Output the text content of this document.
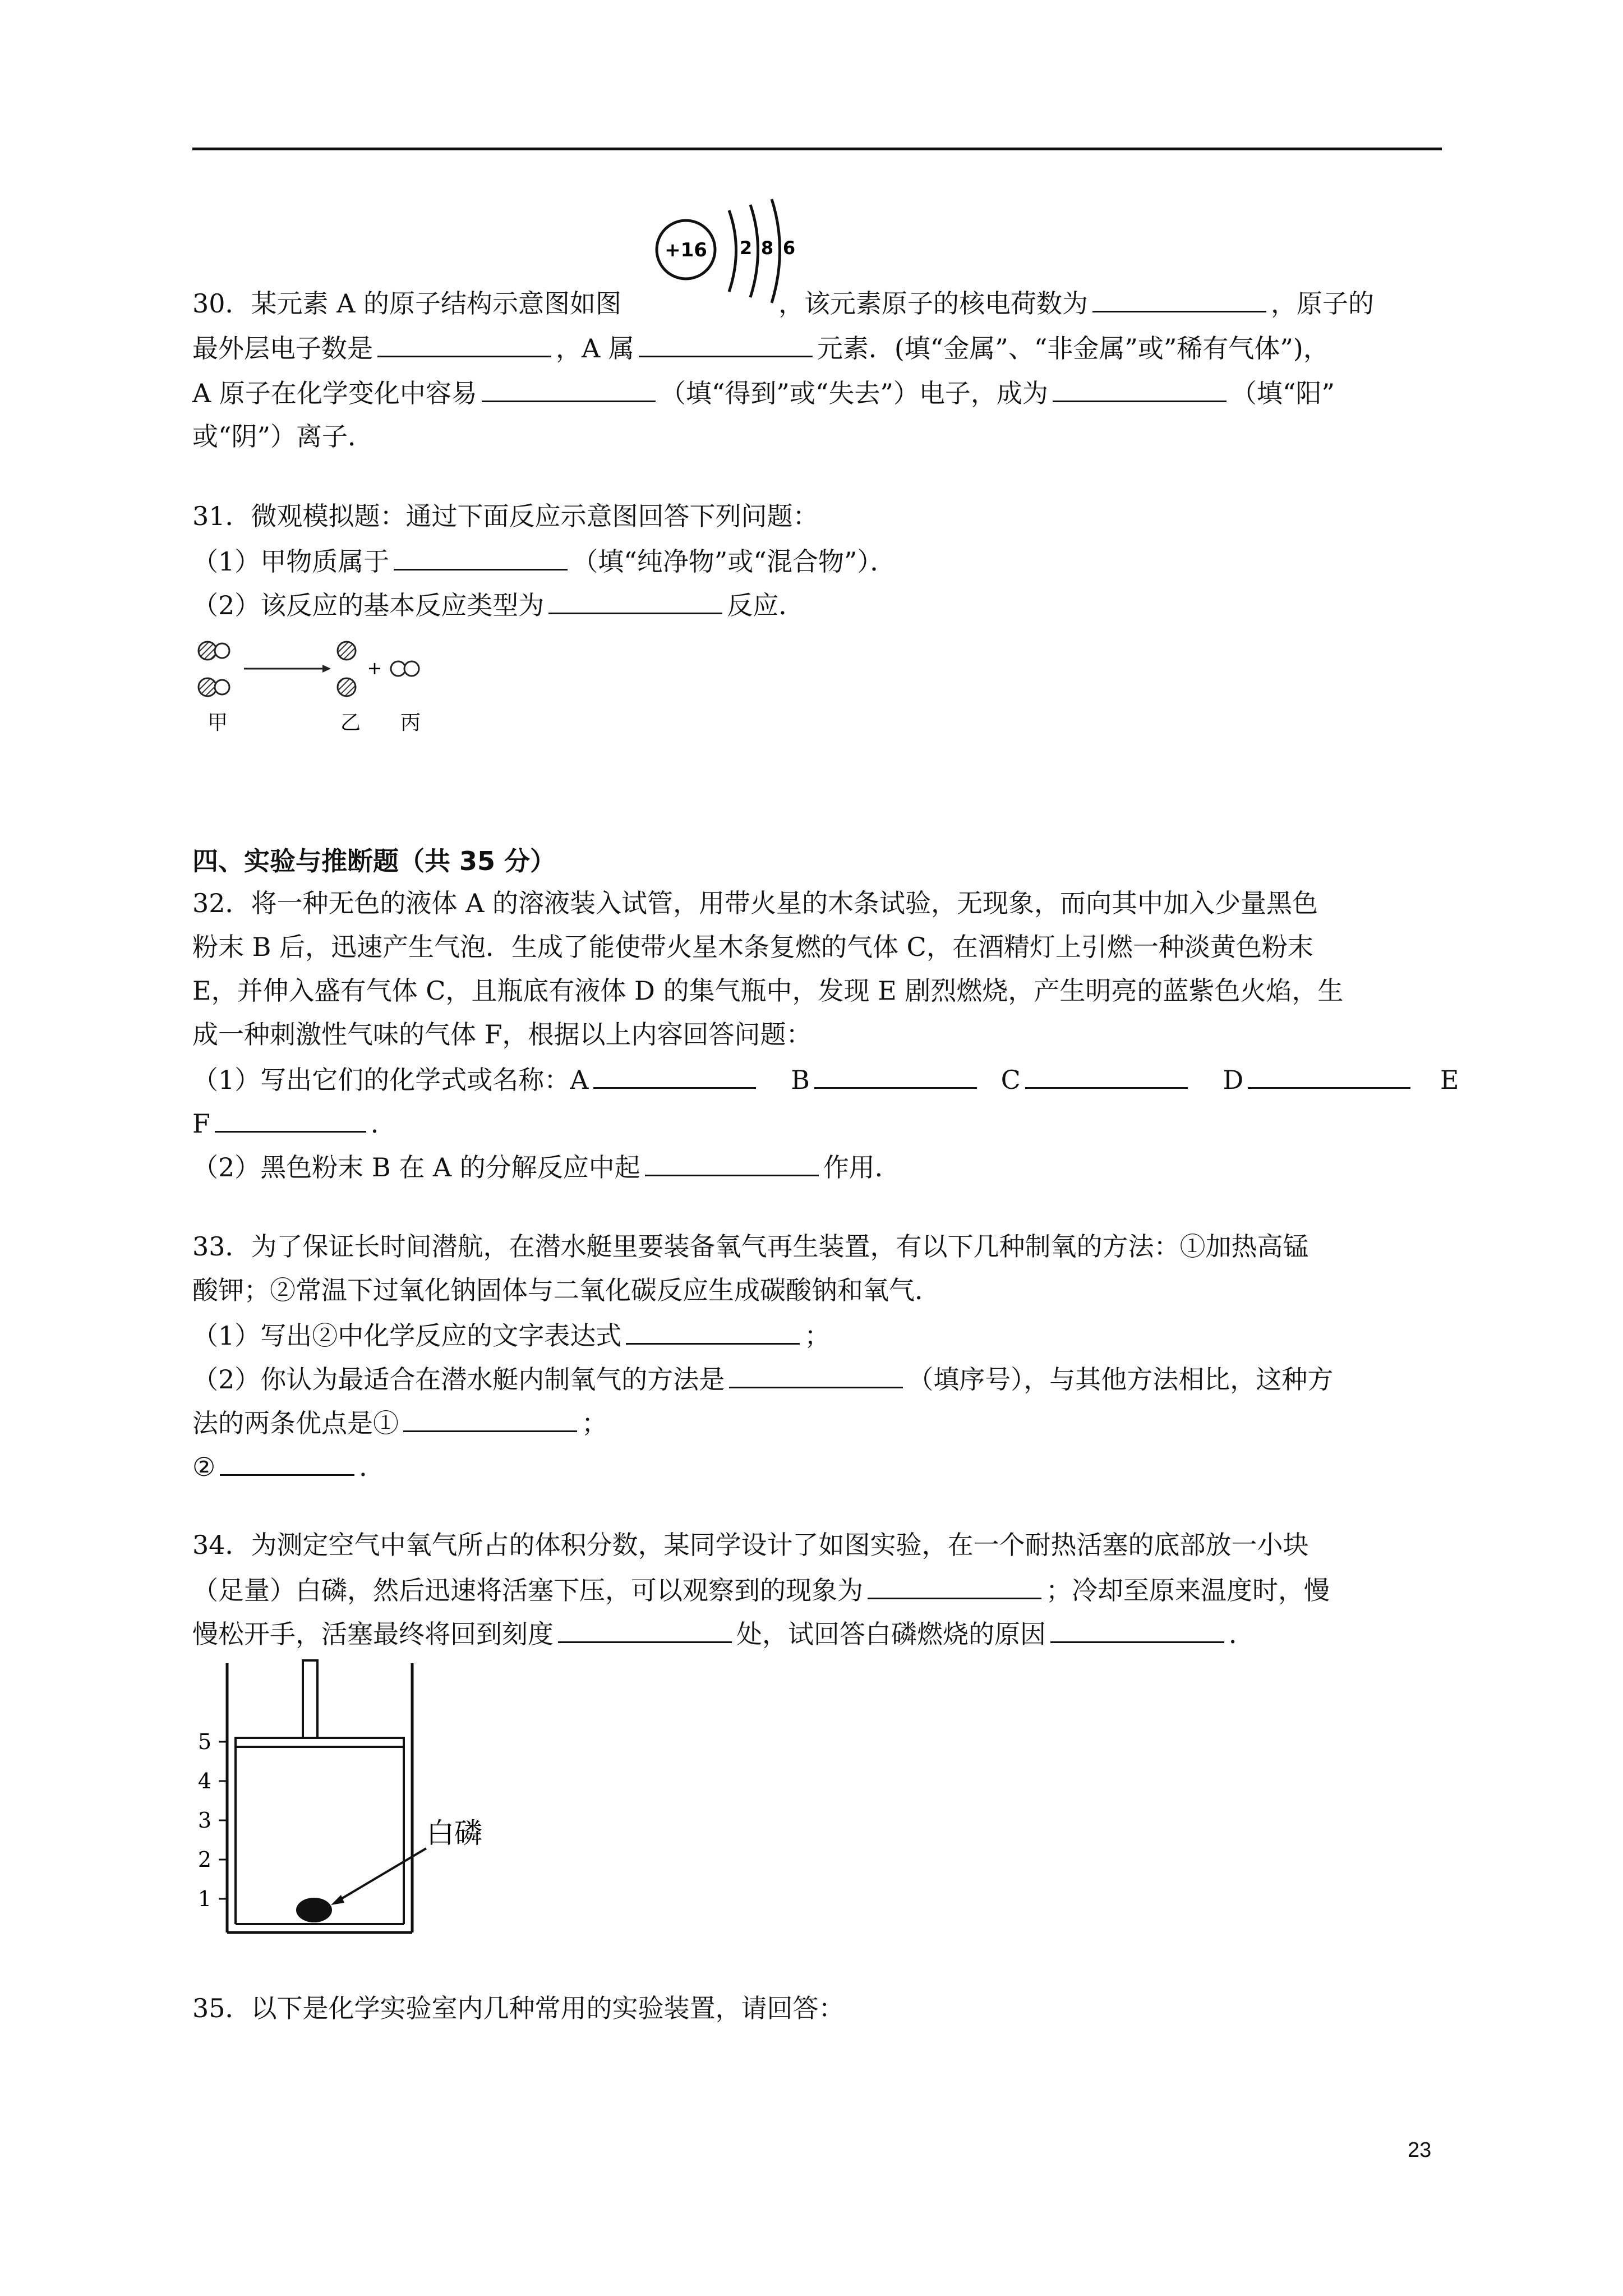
+16 2 8 6
30．某元素 A 的原子结构示意图如图	，该元素原子的核电荷数为	，原子的
最外层电子数是	，A 属	元素．(填“金属”、“非金属”或”稀有气体”)，
A 原子在化学变化中容易	（填“得到”或“失去”）电子，成为	（填“阳”
或“阴”）离子．
31．微观模拟题：通过下面反应示意图回答下列问题：
（1）甲物质属于	（填“纯净物”或“混合物”）．
（2）该反应的基本反应类型为	反应．
+
甲	乙 丙
四、实验与推断题（共 35 分）
32．将一种无色的液体 A 的溶液装入试管，用带火星的木条试验，无现象，而向其中加入少量黑色
粉末 B 后，迅速产生气泡．生成了能使带火星木条复燃的气体 C，在酒精灯上引燃一种淡黄色粉末
E，并伸入盛有气体 C，且瓶底有液体 D 的集气瓶中，发现 E 剧烈燃烧，产生明亮的蓝紫色火焰，生
成一种刺激性气味的气体 F，根据以上内容回答问题：
（1）写出它们的化学式或名称：A	B	C	D	E
F	．
（2）黑色粉末 B 在 A 的分解反应中起	作用．
33．为了保证长时间潜航，在潜水艇里要装备氧气再生装置，有以下几种制氧的方法：①加热高锰
酸钾；②常温下过氧化钠固体与二氧化碳反应生成碳酸钠和氧气．
（1）写出②中化学反应的文字表达式	；
（2）你认为最适合在潜水艇内制氧气的方法是	（填序号），与其他方法相比，这种方
法的两条优点是①	；
②	．
34．为测定空气中氧气所占的体积分数，某同学设计了如图实验，在一个耐热活塞的底部放一小块
（足量）白磷，然后迅速将活塞下压，可以观察到的现象为	；冷却至原来温度时，慢
慢松开手，活塞最终将回到刻度	处，试回答白磷燃烧的原因	．
5
4
3
2
1
白磷
35．以下是化学实验室内几种常用的实验装置，请回答：
23
